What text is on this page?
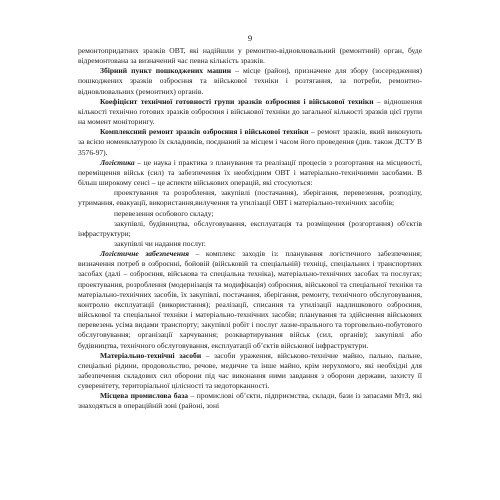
9

ремонтопридатних зразків ОВТ, які надійшли у ремонтно-відновлювальний (ремонтний) орган, буде відремонтована за визначений час певна кількість зразків.

Збірний пункт пошкоджених машин – місце (район), призначене для збору (зосередження) пошкоджених зразків озброєння та військової техніки і розтягання, за потреби, ремонтно-відновлювальних (ремонтних) органів.

Коефіцієнт технічної готовності групи зразків озброєння і військової техніки – відношення кількості технічно готових зразків озброєння і військової техніки до загальної кількості зразків цієї групи на момент моніторингу.

Комплексний ремонт зразків озброєння і військової техніки – ремонт зразків, який виконують за всією номенклатурою їх складників, поєднаний за місцем і часом його проведення (див. також ДСТУ В 3576-97).

Логістика – це наука і практика з планування та реалізації процесів з розгортання на місцевості, переміщення військ (сил) та забезпечення їх необхідним ОВТ і матеріально-технічними засобами. В більш широкому сенсі – це аспекти військових операцій, які стосуються:

проектування та розроблення, закупівлі (постачання), зберігання, перевезення, розподілу, утримання, евакуації, використання,вилучення та утилізації ОВТ і матеріально-технічних засобів;

перевезення особового складу;

закупівлі, будівництва, обслуговування, експлуатація та розміщення (розгортання) об'єктів інфраструктури;

закупівлі чи надання послуг.

Логістичне забезпечення – комплекс заходів із: планування логістичного забезпечення; визначення потреб в озброєнні, бойовій (військовій та спеціальній) техніці, спеціальних і транспортних засобах (далі – озброєння, військова та спеціальна техніка), матеріально-технічних засобах та послугах; проектування, розроблення (модернізація та модифікація) озброєння, військової та спеціальної техніки та матеріально-технічних засобів, їх закупівлі, постачання, зберігання, ремонту, технічного обслуговування, контролю експлуатації (використання); реалізації, списання та утилізації надлишкового озброєння, військової та спеціальної техніки і матеріально-технічних засобів; планування та здійснення військових перевезень усіма видами транспорту; закупівлі робіт і послуг лазне-прального та торговельно-побутового обслуговування; організації харчування; розквартирування військ (сил, органів); закупівлі або будівництва, технічного обслуговування, експлуатації об’єктів військової інфраструктури.

Матеріально-технічні засоби – засоби ураження, військово-технічне майно, пально, пальне, спеціальні рідини, продовольство, речове, медичне та інше майно, крім нерухомого, які необхідні для забезпечення складових сил оборони під час виконання ними завдання з оборони держави, захисту її суверенітету, територіальної цілісності та недоторканності.

Місцева промислова база – промислові об’єкти, підприємства, склади, бази із запасами МтЗ, які знаходяться в операційній зоні (районі, зоні
